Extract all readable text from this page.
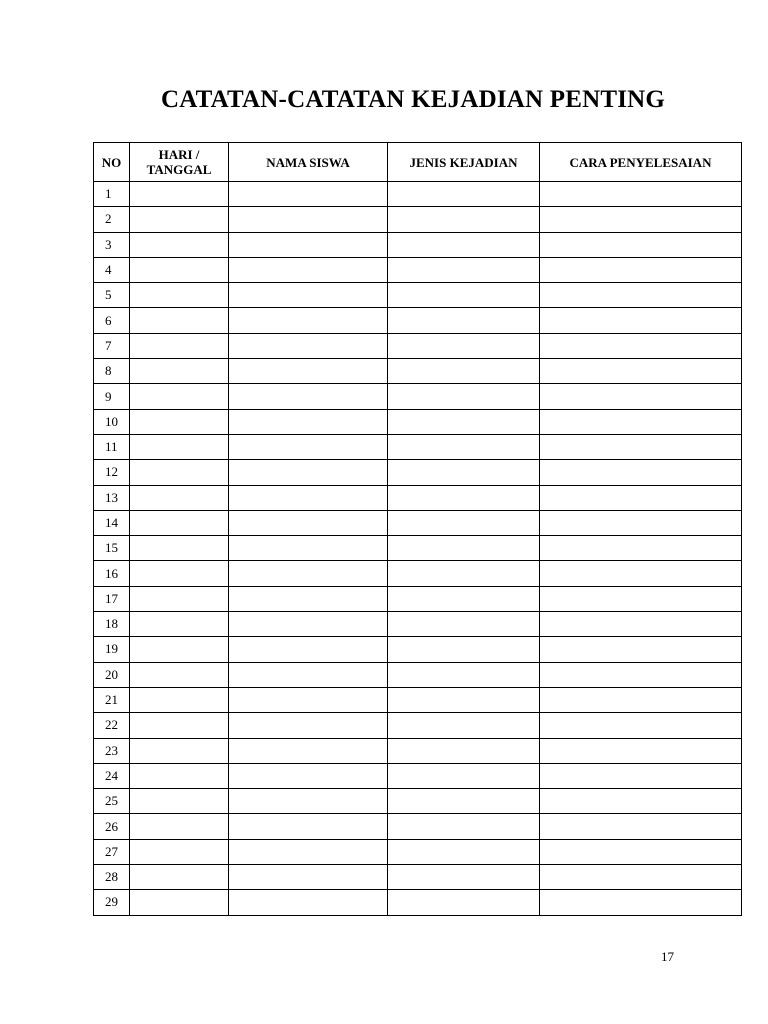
CATATAN-CATATAN KEJADIAN PENTING
NO	HARI /
TANGGAL	NAMA SISWA	JENIS KEJADIAN	CARA PENYELESAIAN
1				
2				
3				
4				
5				
6				
7				
8				
9				
10				
11				
12				
13				
14				
15				
16				
17				
18				
19				
20				
21				
22				
23				
24				
25				
26				
27				
28				
29				
17
